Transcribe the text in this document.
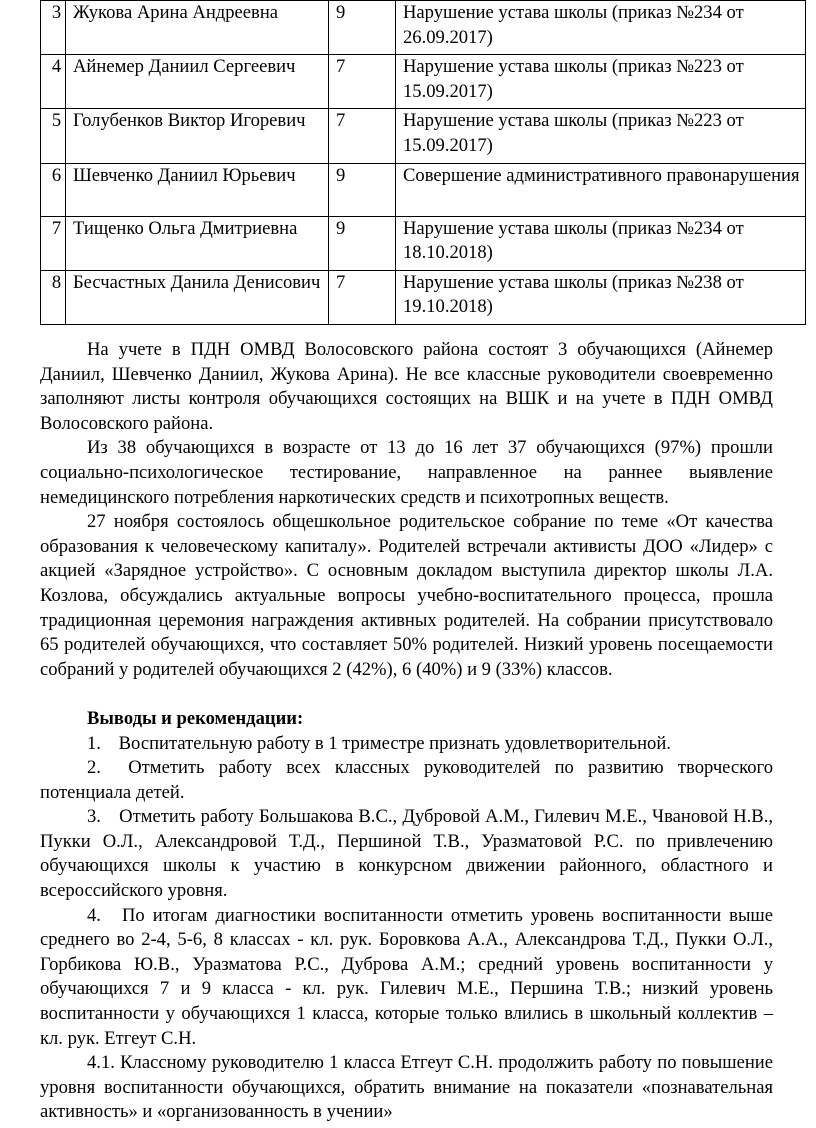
3	Жукова Арина Андреевна	9	Нарушение устава школы (приказ №234 от 26.09.2017)
4	Айнемер Даниил Сергеевич	7	Нарушение устава школы (приказ №223 от 15.09.2017)
5	Голубенков Виктор Игоревич	7	Нарушение устава школы (приказ №223 от 15.09.2017)
6	Шевченко Даниил Юрьевич	9	Совершение административного правонарушения
7	Тищенко Ольга Дмитриевна	9	Нарушение устава школы (приказ №234 от 18.10.2018)
8	Бесчастных Данила Денисович	7	Нарушение устава школы (приказ №238 от 19.10.2018)

На учете в ПДН ОМВД Волосовского района состоят 3 обучающихся (Айнемер Даниил, Шевченко Даниил, Жукова Арина). Не все классные руководители своевременно заполняют листы контроля обучающихся состоящих на ВШК и на учете в ПДН ОМВД Волосовского района.

Из 38 обучающихся в возрасте от 13 до 16 лет 37 обучающихся (97%) прошли социально-психологическое тестирование, направленное на раннее выявление немедицинского потребления наркотических средств и психотропных веществ.

27 ноября состоялось общешкольное родительское собрание по теме «От качества образования к человеческому капиталу». Родителей встречали активисты ДОО «Лидер» с акцией «Зарядное устройство». С основным докладом выступила директор школы Л.А. Козлова, обсуждались актуальные вопросы учебно-воспитательного процесса, прошла традиционная церемония награждения активных родителей. На собрании присутствовало 65 родителей обучающихся, что составляет 50% родителей. Низкий уровень посещаемости собраний у родителей обучающихся 2 (42%), 6 (40%) и 9 (33%) классов.

Выводы и рекомендации:

1. Воспитательную работу в 1 триместре признать удовлетворительной.

2. Отметить работу всех классных руководителей по развитию творческого потенциала детей.

3. Отметить работу Большакова В.С., Дубровой А.М., Гилевич М.Е., Чвановой Н.В., Пукки О.Л., Александровой Т.Д., Першиной Т.В., Уразматовой Р.С. по привлечению обучающихся школы к участию в конкурсном движении районного, областного и всероссийского уровня.

4. По итогам диагностики воспитанности отметить уровень воспитанности выше среднего во 2-4, 5-6, 8 классах - кл. рук. Боровкова А.А., Александрова Т.Д., Пукки О.Л., Горбикова Ю.В., Уразматова Р.С., Дуброва А.М.; средний уровень воспитанности у обучающихся 7 и 9 класса - кл. рук. Гилевич М.Е., Першина Т.В.; низкий уровень воспитанности у обучающихся 1 класса, которые только влились в школьный коллектив – кл. рук. Етгеут С.Н.

4.1. Классному руководителю 1 класса Етгеут С.Н. продолжить работу по повышение уровня воспитанности обучающихся, обратить внимание на показатели «познавательная активность» и «организованность в учении»
